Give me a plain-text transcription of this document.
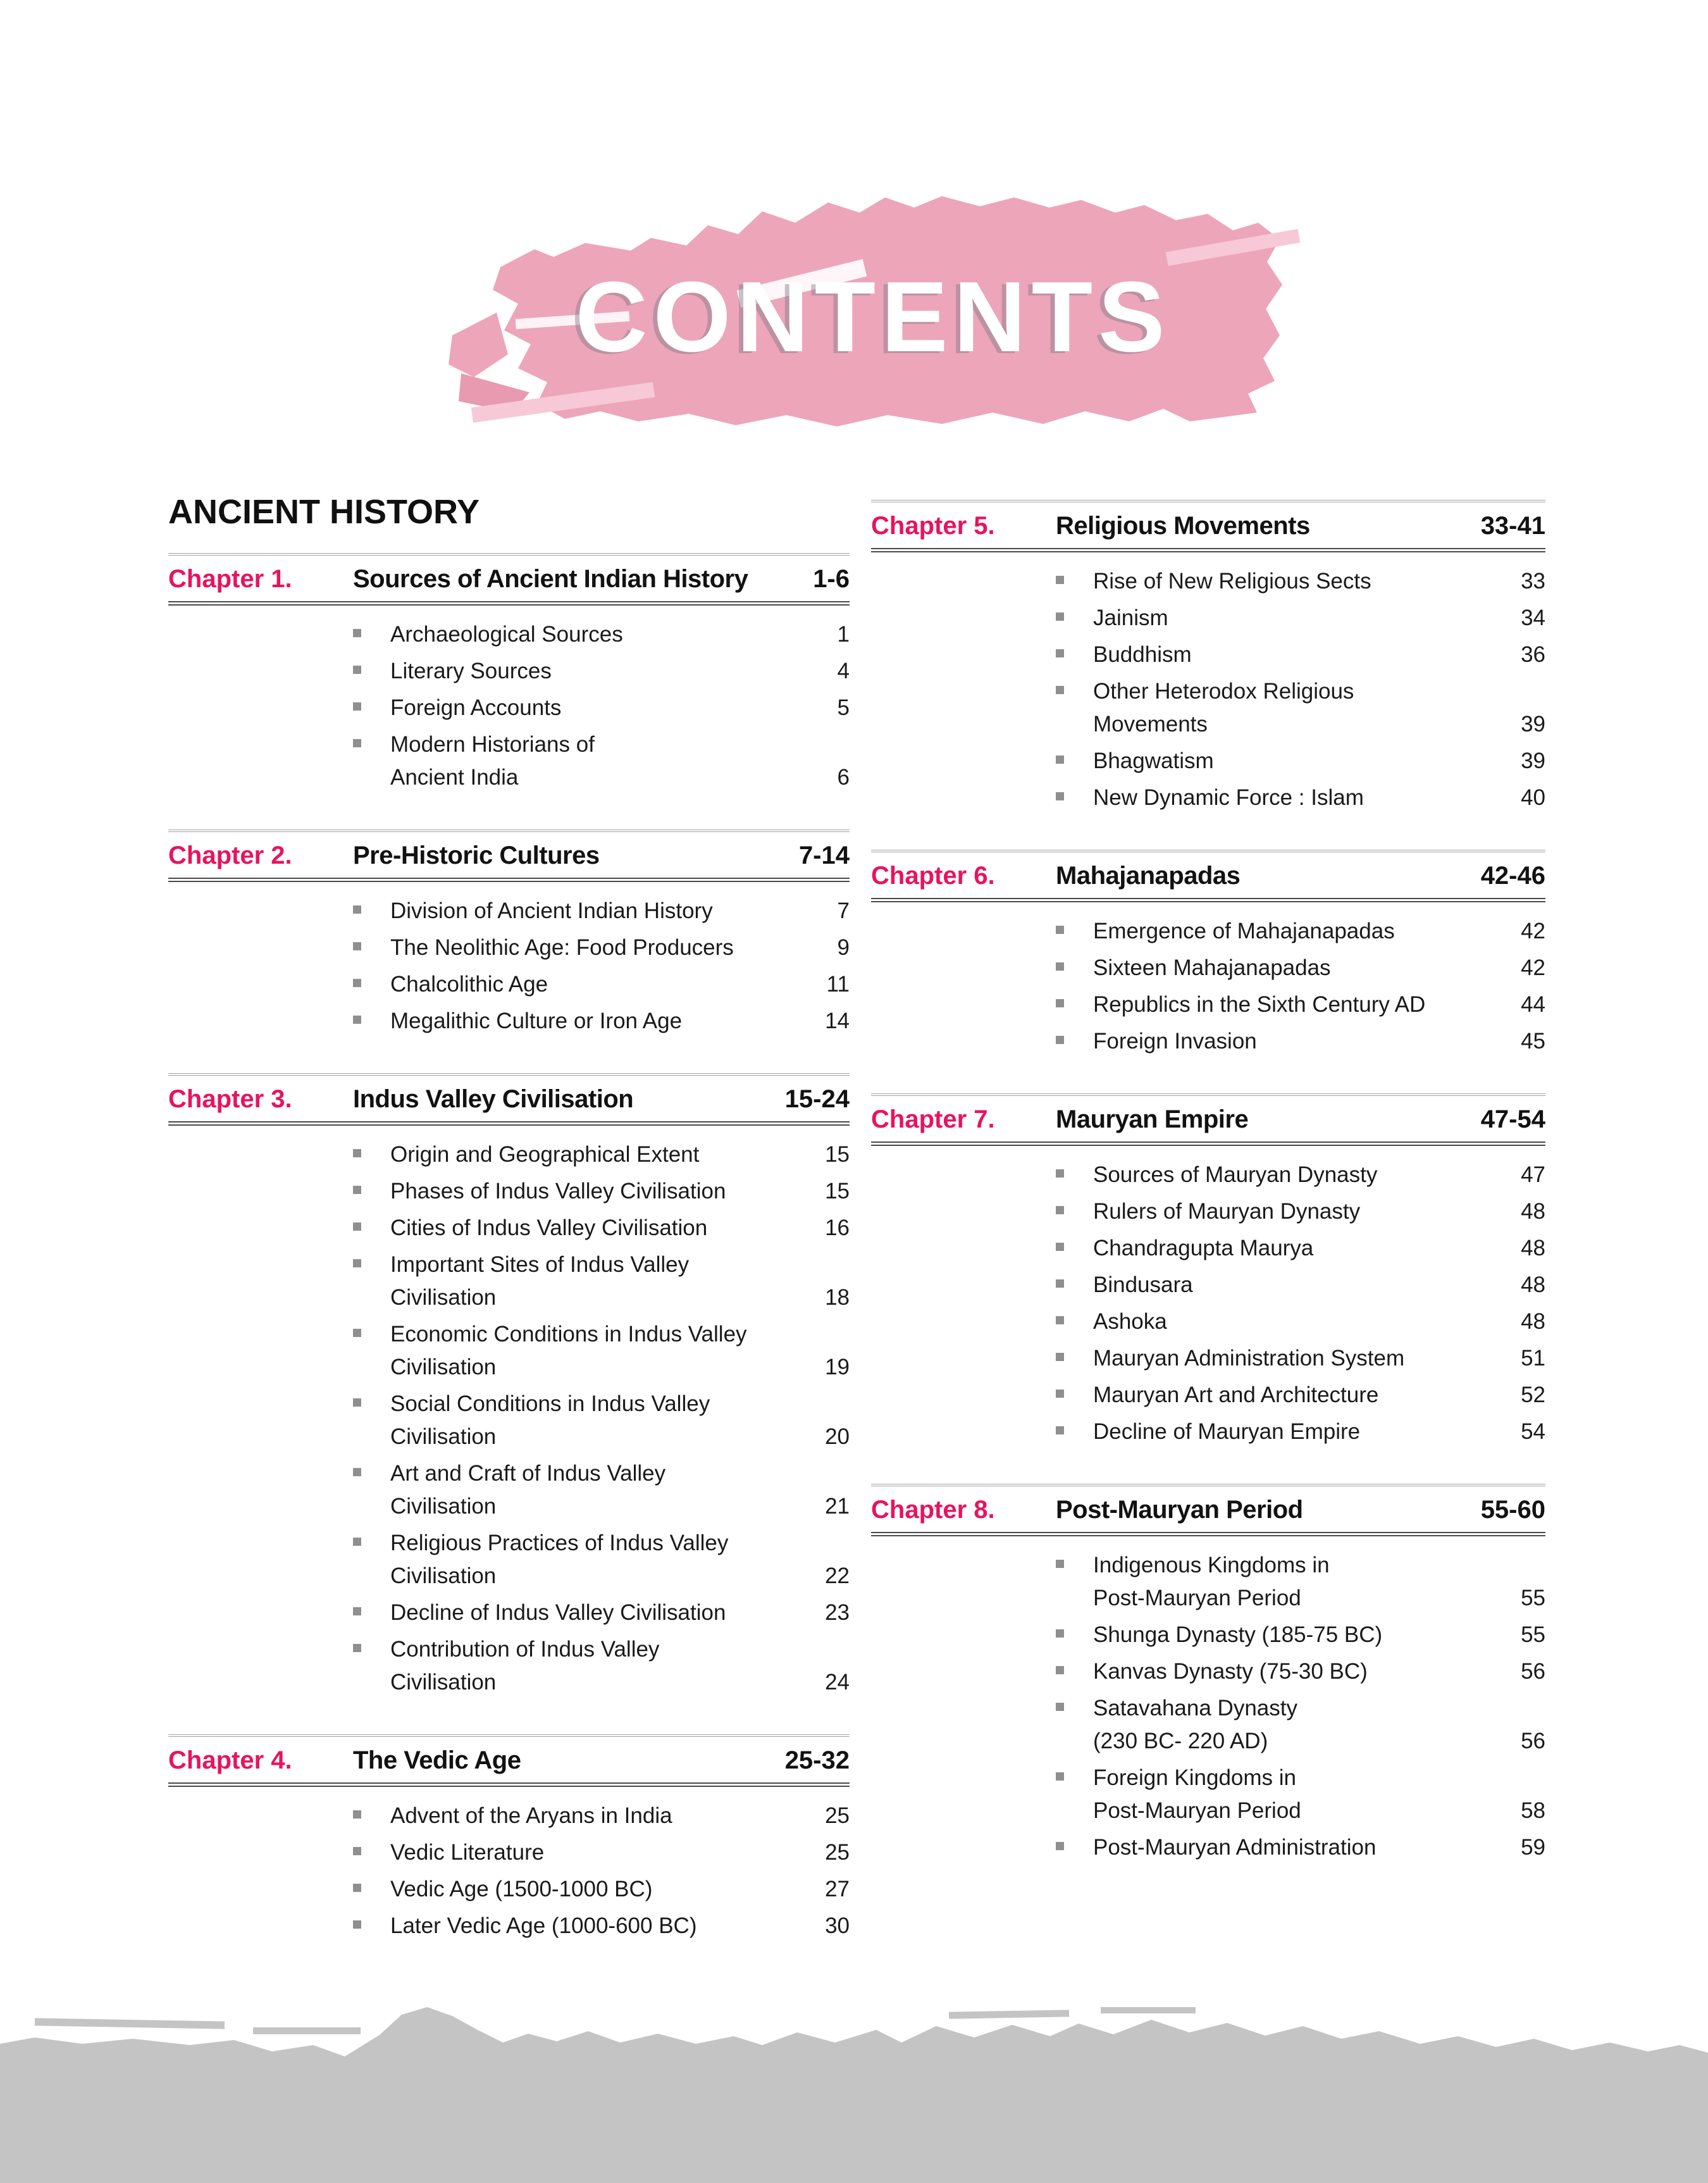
CONTENTS
ANCIENT HISTORY
Chapter 1.	Sources of Ancient Indian History	1-6
Archaeological Sources	1
Literary Sources	4
Foreign Accounts	5
Modern Historians of
Ancient India	6
Chapter 2.	Pre-Historic Cultures	7-14
Division of Ancient Indian History	7
The Neolithic Age: Food Producers	9
Chalcolithic Age	11
Megalithic Culture or Iron Age	14
Chapter 3.	Indus Valley Civilisation	15-24
Origin and Geographical Extent	15
Phases of Indus Valley Civilisation	15
Cities of Indus Valley Civilisation	16
Important Sites of Indus Valley
Civilisation	18
Economic Conditions in Indus Valley
Civilisation	19
Social Conditions in Indus Valley
Civilisation	20
Art and Craft of Indus Valley
Civilisation	21
Religious Practices of Indus Valley
Civilisation	22
Decline of Indus Valley Civilisation	23
Contribution of Indus Valley
Civilisation	24
Chapter 4.	The Vedic Age	25-32
Advent of the Aryans in India	25
Vedic Literature	25
Vedic Age (1500-1000 BC)	27
Later Vedic Age (1000-600 BC)	30
Chapter 5.	Religious Movements	33-41
Rise of New Religious Sects	33
Jainism	34
Buddhism	36
Other Heterodox Religious
Movements	39
Bhagwatism	39
New Dynamic Force : Islam	40
Chapter 6.	Mahajanapadas	42-46
Emergence of Mahajanapadas	42
Sixteen Mahajanapadas	42
Republics in the Sixth Century AD	44
Foreign Invasion	45
Chapter 7.	Mauryan Empire	47-54
Sources of Mauryan Dynasty	47
Rulers of Mauryan Dynasty	48
Chandragupta Maurya	48
Bindusara	48
Ashoka	48
Mauryan Administration System	51
Mauryan Art and Architecture	52
Decline of Mauryan Empire	54
Chapter 8.	Post-Mauryan Period	55-60
Indigenous Kingdoms in
Post-Mauryan Period	55
Shunga Dynasty (185-75 BC)	55
Kanvas Dynasty (75-30 BC)	56
Satavahana Dynasty
(230 BC- 220 AD)	56
Foreign Kingdoms in
Post-Mauryan Period	58
Post-Mauryan Administration	59
